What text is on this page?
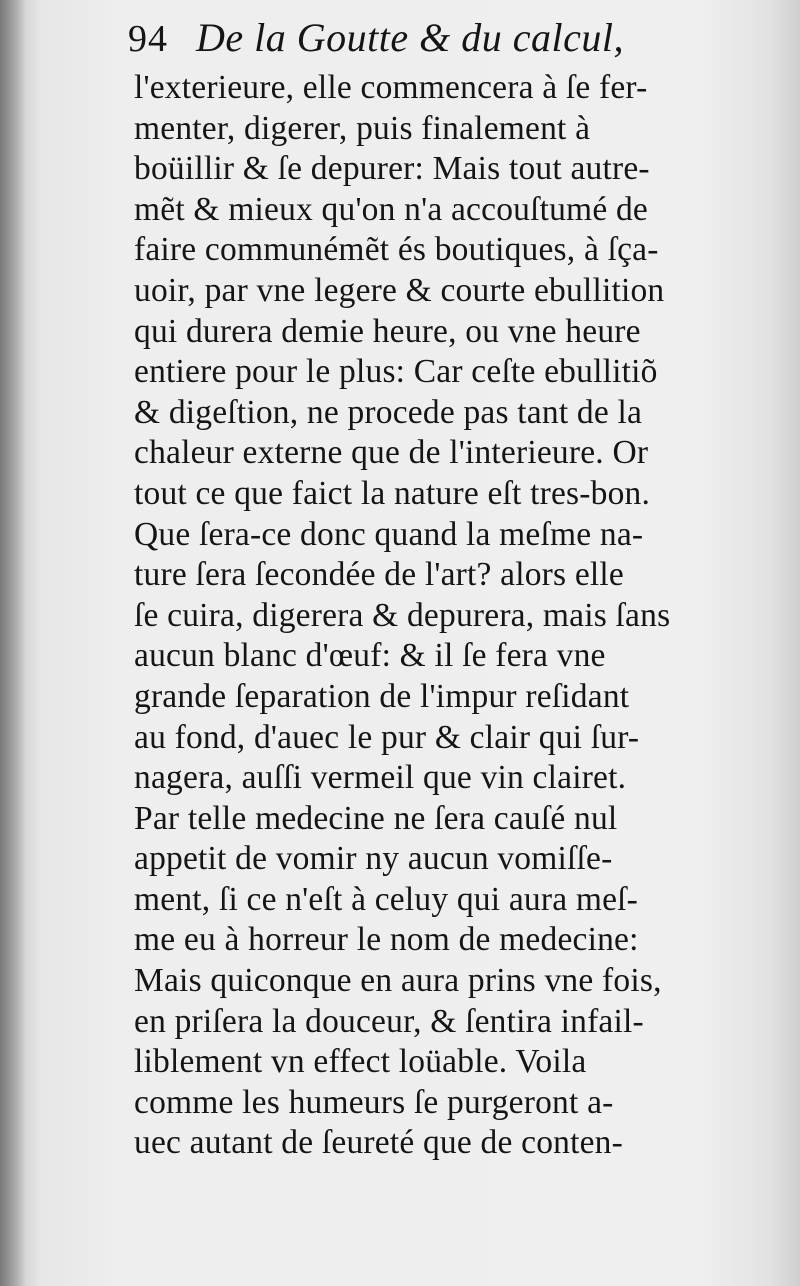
94 De la Goutte & du calcul,
l'exterieure, elle commencera à ſe fer-
menter, digerer, puis finalement à
boüillir & ſe depurer: Mais tout autre-
mẽt & mieux qu'on n'a accouſtumé de
faire communémẽt és boutiques, à ſça-
uoir, par vne legere & courte ebullition
qui durera demie heure, ou vne heure
entiere pour le plus: Car ceſte ebullitiõ
& digeſtion, ne procede pas tant de la
chaleur externe que de l'interieure. Or
tout ce que faict la nature eſt tres-bon.
Que ſera-ce donc quand la meſme na-
ture ſera ſecondée de l'art? alors elle
ſe cuira, digerera & depurera, mais ſans
aucun blanc d'œuf: & il ſe fera vne
grande ſeparation de l'impur reſidant
au fond, d'auec le pur & clair qui ſur-
nagera, auſſi vermeil que vin clairet.
Par telle medecine ne ſera cauſé nul
appetit de vomir ny aucun vomiſſe-
ment, ſi ce n'eſt à celuy qui aura meſ-
me eu à horreur le nom de medecine:
Mais quiconque en aura prins vne fois,
en priſera la douceur, & ſentira infail-
liblement vn effect loüable. Voila
comme les humeurs ſe purgeront a-
uec autant de ſeureté que de conten-
